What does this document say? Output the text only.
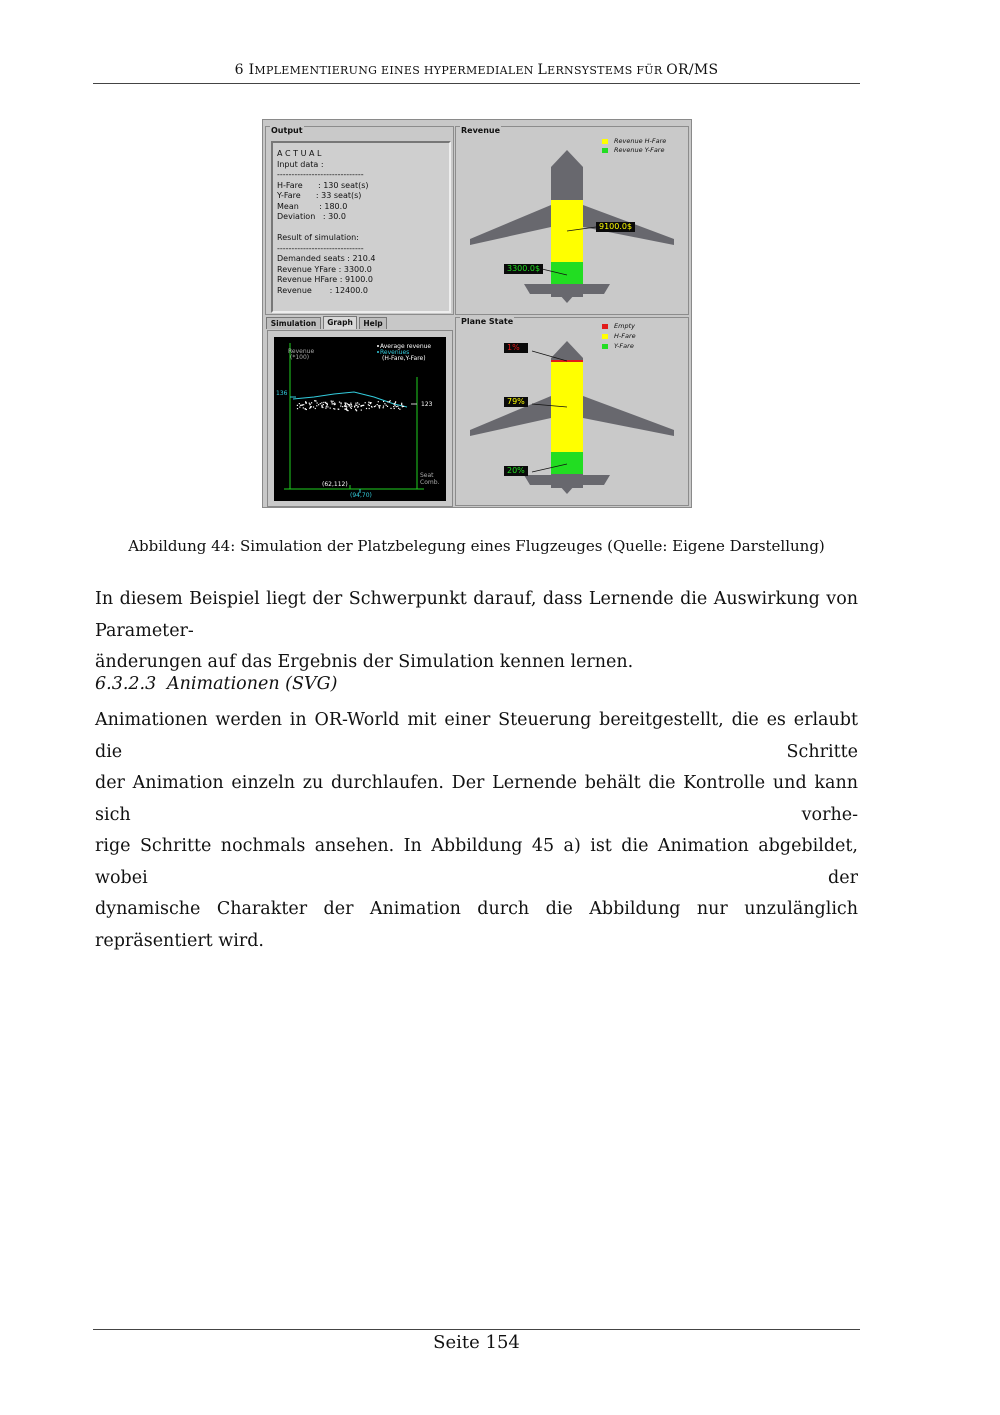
6 IMPLEMENTIERUNG EINES HYPERMEDIALEN LERNSYSTEMS FÜR OR/MS
Output
A C T U A L
Input data :
------------------------------
H-Fare      : 130 seat(s)
Y-Fare      : 33 seat(s)
Mean        : 180.0
Deviation   : 30.0

Result of simulation:
------------------------------
Demanded seats : 210.4
Revenue YFare : 3300.0
Revenue HFare : 9100.0
Revenue       : 12400.0
Simulation	Graph	Help
Revenue
(*100)
Average revenue
Revenues
(H-Fare,Y-Fare)
136
123
Seat
Comb.
(62,112)
(94,70)
Revenue
Revenue H-Fare
Revenue Y-Fare
9100.0$
3300.0$
Plane State	Empty
H-Fare
Y-Fare
1%
79%
20%
Abbildung 44: Simulation der Platzbelegung eines Flugzeuges (Quelle: Eigene Darstellung)
In diesem Beispiel liegt der Schwerpunkt darauf, dass Lernende die Auswirkung von Parameter-
änderungen auf das Ergebnis der Simulation kennen lernen.
6.3.2.3 Animationen (SVG)
Animationen werden in OR-World mit einer Steuerung bereitgestellt, die es erlaubt die Schritte
der Animation einzeln zu durchlaufen. Der Lernende behält die Kontrolle und kann sich vorhe-
rige Schritte nochmals ansehen. In Abbildung 45 a) ist die Animation abgebildet, wobei der
dynamische Charakter der Animation durch die Abbildung nur unzulänglich repräsentiert wird.
Seite 154
